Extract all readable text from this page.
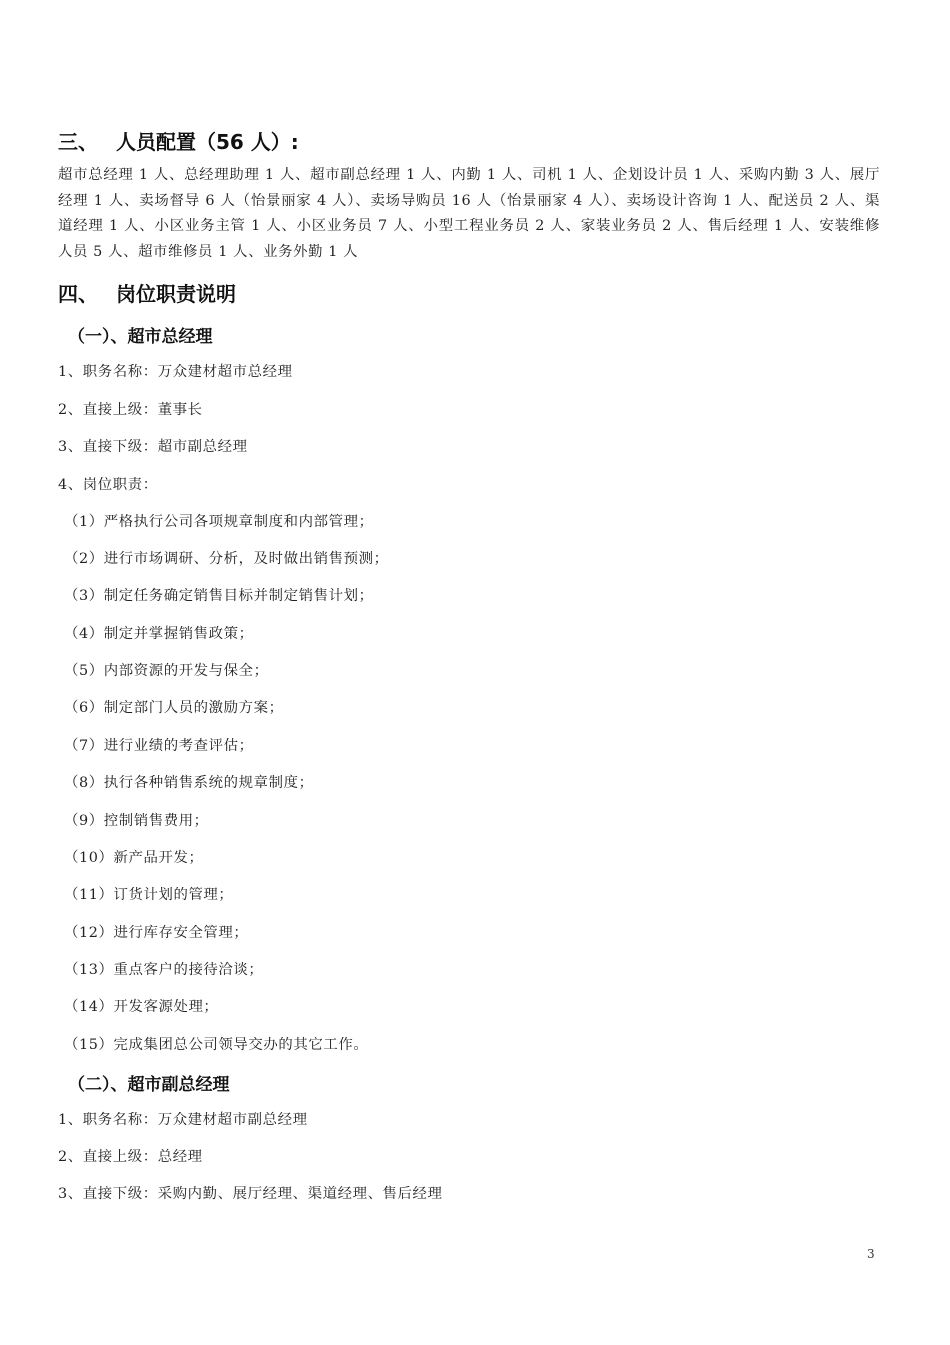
三、 人员配置（56 人）:
超市总经理 1 人、总经理助理 1 人、超市副总经理 1 人、内勤 1 人、司机 1 人、企划设计员 1 人、采购内勤 3 人、展厅经理 1 人、卖场督导 6 人（怡景丽家 4 人）、卖场导购员 16 人（怡景丽家 4 人）、卖场设计咨询 1 人、配送员 2 人、渠道经理 1 人、小区业务主管 1 人、小区业务员 7 人、小型工程业务员 2 人、家装业务员 2 人、售后经理 1 人、安装维修人员 5 人、超市维修员 1 人、业务外勤 1 人
四、 岗位职责说明
（一）、超市总经理
1、职务名称：万众建材超市总经理
2、直接上级：董事长
3、直接下级：超市副总经理
4、岗位职责：
（1）严格执行公司各项规章制度和内部管理；
（2）进行市场调研、分析，及时做出销售预测；
（3）制定任务确定销售目标并制定销售计划；
（4）制定并掌握销售政策；
（5）内部资源的开发与保全；
（6）制定部门人员的激励方案；
（7）进行业绩的考查评估；
（8）执行各种销售系统的规章制度；
（9）控制销售费用；
（10）新产品开发；
（11）订货计划的管理；
（12）进行库存安全管理；
（13）重点客户的接待洽谈；
（14）开发客源处理；
（15）完成集团总公司领导交办的其它工作。
（二）、超市副总经理
1、职务名称：万众建材超市副总经理
2、直接上级：总经理
3、直接下级：采购内勤、展厅经理、渠道经理、售后经理
3
